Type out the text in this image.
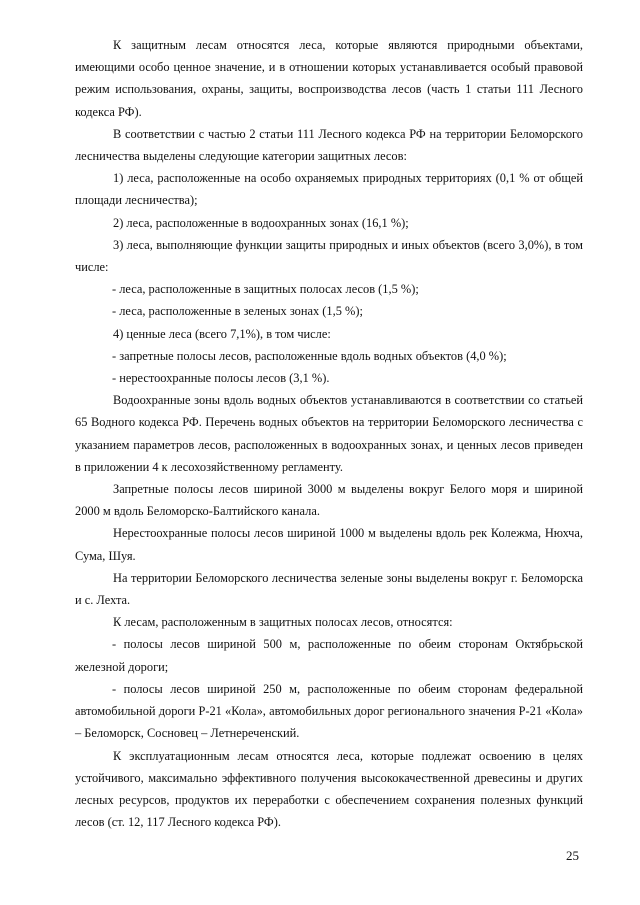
К защитным лесам относятся леса, которые являются природными объектами, имеющими особо ценное значение, и в отношении которых устанавливается особый правовой режим использования, охраны, защиты, воспроизводства лесов (часть 1 статьи 111 Лесного кодекса РФ).

В соответствии с частью 2 статьи 111 Лесного кодекса РФ на территории Беломорского лесничества выделены следующие категории защитных лесов:

1) леса, расположенные на особо охраняемых природных территориях (0,1 % от общей площади лесничества);

2) леса, расположенные в водоохранных зонах (16,1 %);

3) леса, выполняющие функции защиты природных и иных объектов (всего 3,0%), в том числе:

- леса, расположенные в защитных полосах лесов (1,5 %);

- леса, расположенные в зеленых зонах (1,5 %);

4) ценные леса (всего 7,1%), в том числе:

- запретные полосы лесов, расположенные вдоль водных объектов (4,0 %);

- нерестоохранные полосы лесов (3,1 %).

Водоохранные зоны вдоль водных объектов устанавливаются в соответствии со статьей 65 Водного кодекса РФ. Перечень водных объектов на территории Беломорского лесничества с указанием параметров лесов, расположенных в водоохранных зонах, и ценных лесов приведен в приложении 4 к лесохозяйственному регламенту.

Запретные полосы лесов шириной 3000 м выделены вокруг Белого моря и шириной 2000 м вдоль Беломорско-Балтийского канала.

Нерестоохранные полосы лесов шириной 1000 м выделены вдоль рек Колежма, Нюхча, Сума, Шуя.

На территории Беломорского лесничества зеленые зоны выделены вокруг г. Беломорска и с. Лехта.

К лесам, расположенным в защитных полосах лесов, относятся:

- полосы лесов шириной 500 м, расположенные по обеим сторонам Октябрьской железной дороги;

- полосы лесов шириной 250 м, расположенные по обеим сторонам федеральной автомобильной дороги Р-21 «Кола», автомобильных дорог регионального значения Р-21 «Кола» – Беломорск, Сосновец – Летнереченский.

К эксплуатационным лесам относятся леса, которые подлежат освоению в целях устойчивого, максимально эффективного получения высококачественной древесины и других лесных ресурсов, продуктов их переработки с обеспечением сохранения полезных функций лесов (ст. 12, 117 Лесного кодекса РФ).

25
